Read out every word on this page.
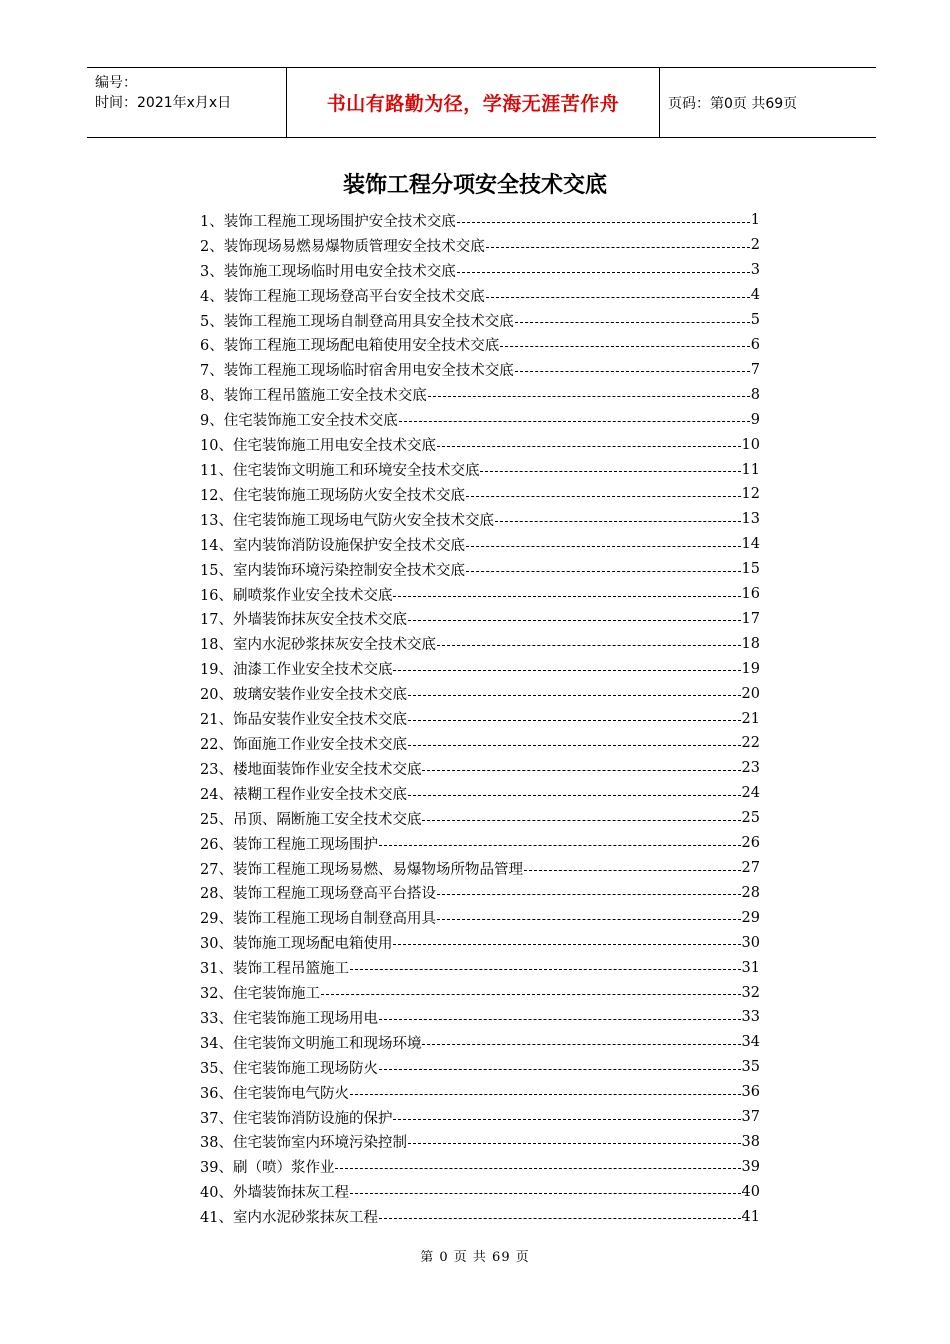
编号：
时间：2021年x月x日	书山有路勤为径，学海无涯苦作舟	页码：第0页 共69页
装饰工程分项安全技术交底
1、 装饰工程施工现场围护安全技术交底	1
2、 装饰现场易燃易爆物质管理安全技术交底	2
3、 装饰施工现场临时用电安全技术交底	3
4、 装饰工程施工现场登高平台安全技术交底	4
5、 装饰工程施工现场自制登高用具安全技术交底	5
6、 装饰工程施工现场配电箱使用安全技术交底	6
7、 装饰工程施工现场临时宿舍用电安全技术交底	7
8、 装饰工程吊篮施工安全技术交底	8
9、 住宅装饰施工安全技术交底	9
10、 住宅装饰施工用电安全技术交底	10
11、 住宅装饰文明施工和环境安全技术交底	11
12、 住宅装饰施工现场防火安全技术交底	12
13、 住宅装饰施工现场电气防火安全技术交底	13
14、 室内装饰消防设施保护安全技术交底	14
15、 室内装饰环境污染控制安全技术交底	15
16、 刷喷浆作业安全技术交底	16
17、 外墙装饰抹灰安全技术交底	17
18、 室内水泥砂浆抹灰安全技术交底	18
19、 油漆工作业安全技术交底	19
20、 玻璃安装作业安全技术交底	20
21、 饰品安装作业安全技术交底	21
22、 饰面施工作业安全技术交底	22
23、 楼地面装饰作业安全技术交底	23
24、 裱糊工程作业安全技术交底	24
25、 吊顶、隔断施工安全技术交底	25
26、 装饰工程施工现场围护	26
27、 装饰工程施工现场易燃、易爆物场所物品管理	27
28、 装饰工程施工现场登高平台搭设	28
29、 装饰工程施工现场自制登高用具	29
30、 装饰施工现场配电箱使用	30
31、 装饰工程吊篮施工	31
32、 住宅装饰施工	32
33、 住宅装饰施工现场用电	33
34、 住宅装饰文明施工和现场环境	34
35、 住宅装饰施工现场防火	35
36、 住宅装饰电气防火	36
37、 住宅装饰消防设施的保护	37
38、 住宅装饰室内环境污染控制	38
39、 刷（喷）浆作业	39
40、 外墙装饰抹灰工程	40
41、 室内水泥砂浆抹灰工程	41
第 0 页 共 69 页
